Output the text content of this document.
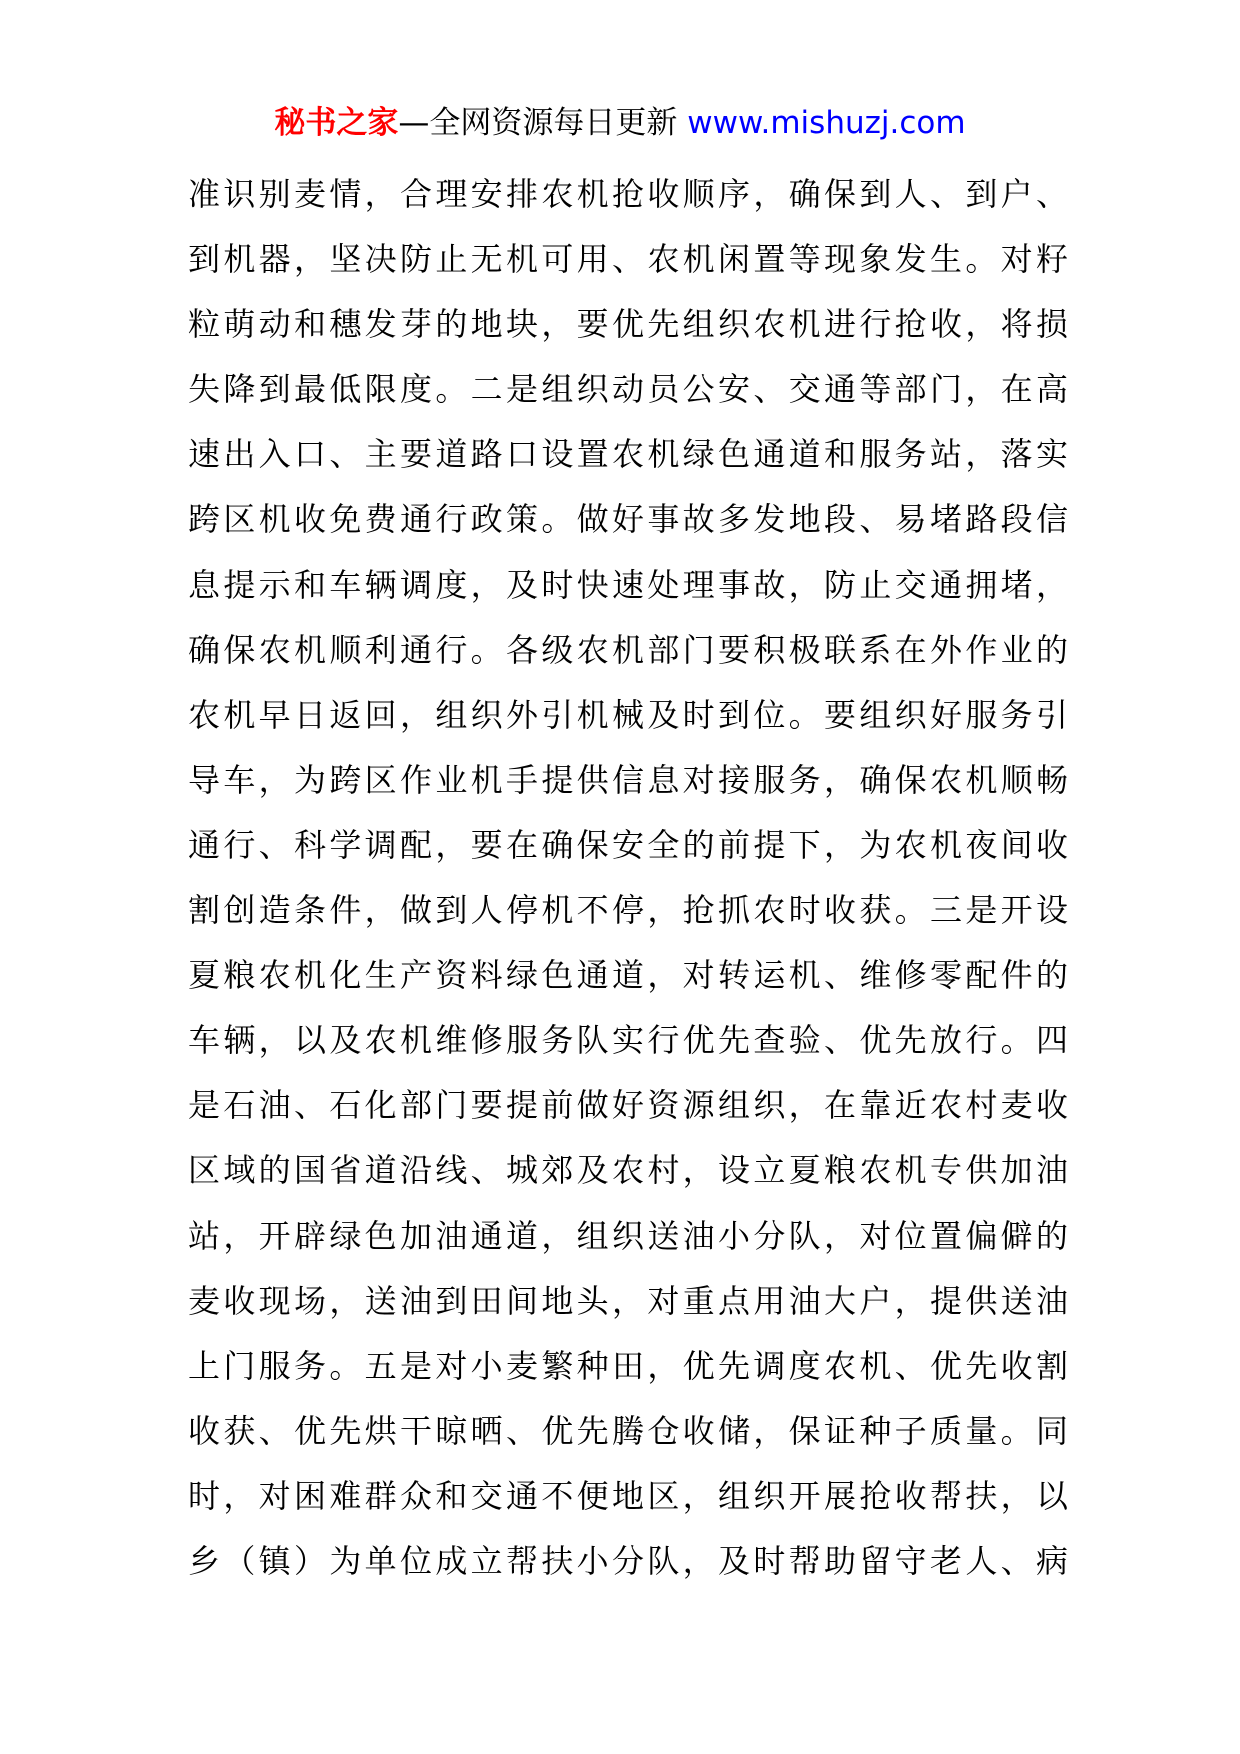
秘书之家—全网资源每日更新 www.mishuzj.com
准识别麦情，合理安排农机抢收顺序，确保到人、到户、
到机器，坚决防止无机可用、农机闲置等现象发生。对籽
粒萌动和穗发芽的地块，要优先组织农机进行抢收，将损
失降到最低限度。二是组织动员公安、交通等部门，在高
速出入口、主要道路口设置农机绿色通道和服务站，落实
跨区机收免费通行政策。做好事故多发地段、易堵路段信
息提示和车辆调度，及时快速处理事故，防止交通拥堵，
确保农机顺利通行。各级农机部门要积极联系在外作业的
农机早日返回，组织外引机械及时到位。要组织好服务引
导车，为跨区作业机手提供信息对接服务，确保农机顺畅
通行、科学调配，要在确保安全的前提下，为农机夜间收
割创造条件，做到人停机不停，抢抓农时收获。三是开设
夏粮农机化生产资料绿色通道，对转运机、维修零配件的
车辆，以及农机维修服务队实行优先查验、优先放行。四
是石油、石化部门要提前做好资源组织，在靠近农村麦收
区域的国省道沿线、城郊及农村，设立夏粮农机专供加油
站，开辟绿色加油通道，组织送油小分队，对位置偏僻的
麦收现场，送油到田间地头，对重点用油大户，提供送油
上门服务。五是对小麦繁种田，优先调度农机、优先收割
收获、优先烘干晾晒、优先腾仓收储，保证种子质量。同
时，对困难群众和交通不便地区，组织开展抢收帮扶，以
乡（镇）为单位成立帮扶小分队，及时帮助留守老人、病
